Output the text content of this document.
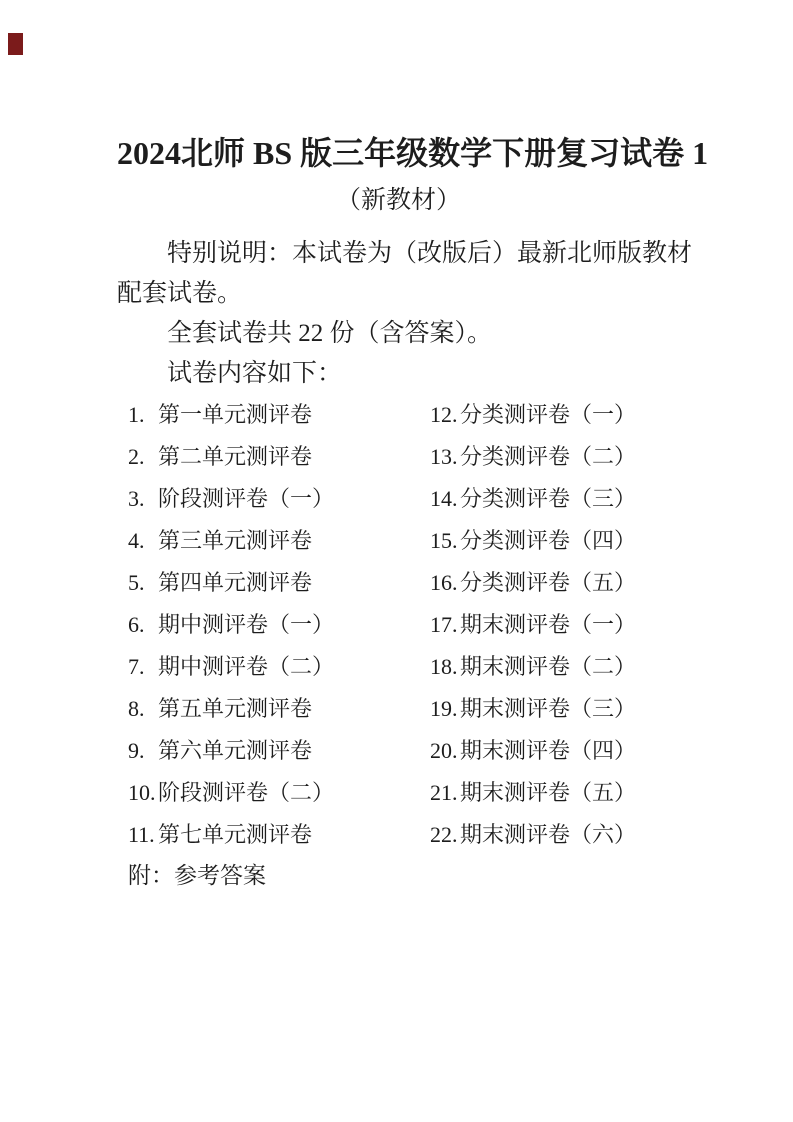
2024北师 BS 版三年级数学下册复习试卷 1
（新教材）
特别说明：本试卷为（改版后）最新北师版教材
配套试卷。
全套试卷共 22 份（含答案）。
试卷内容如下：
1. 第一单元测评卷
2. 第二单元测评卷
3. 阶段测评卷（一）
4. 第三单元测评卷
5. 第四单元测评卷
6. 期中测评卷（一）
7. 期中测评卷（二）
8. 第五单元测评卷
9. 第六单元测评卷
10. 阶段测评卷（二）
11. 第七单元测评卷
12. 分类测评卷（一）
13. 分类测评卷（二）
14. 分类测评卷（三）
15. 分类测评卷（四）
16. 分类测评卷（五）
17. 期末测评卷（一）
18. 期末测评卷（二）
19. 期末测评卷（三）
20. 期末测评卷（四）
21. 期末测评卷（五）
22. 期末测评卷（六）
附：参考答案
